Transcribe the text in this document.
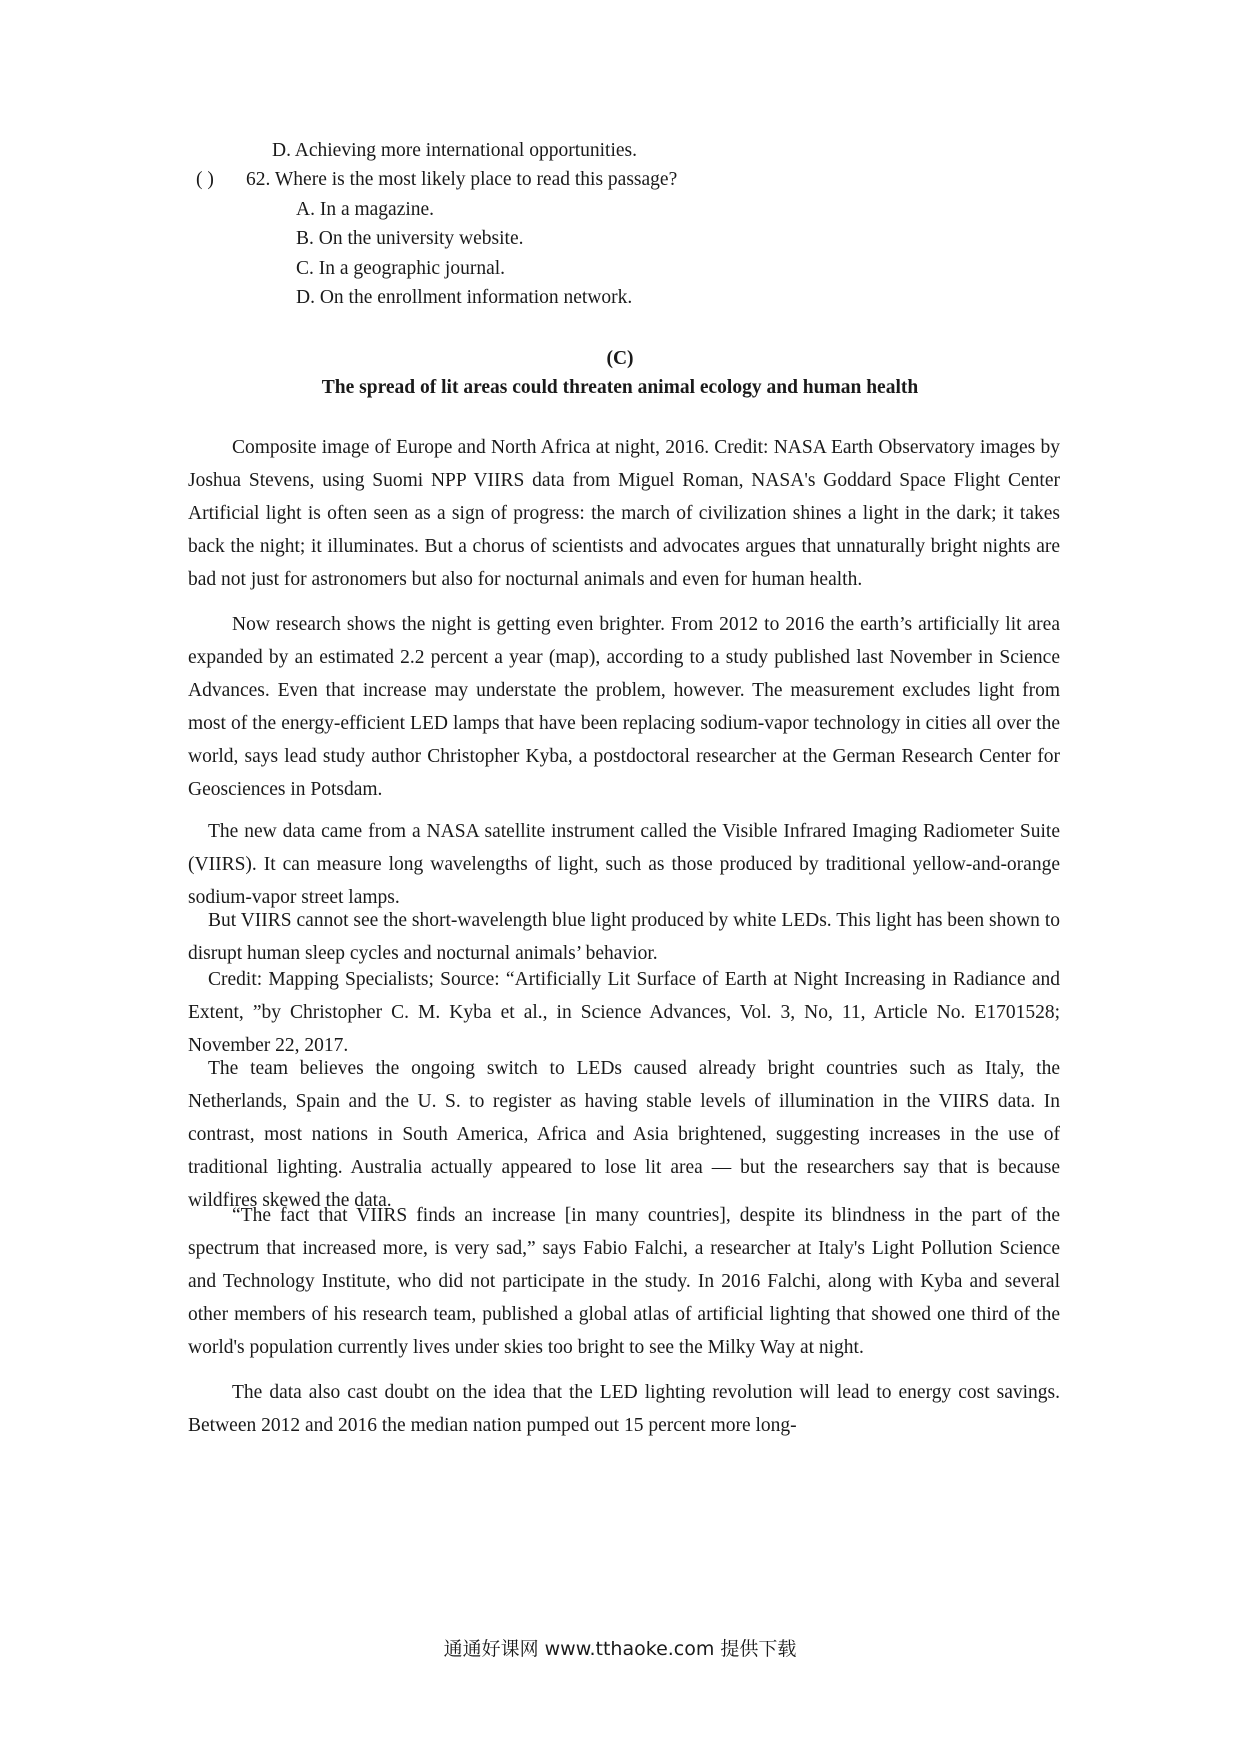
D. Achieving more international opportunities.
( ) 62. Where is the most likely place to read this passage?
A. In a magazine.
B. On the university website.
C. In a geographic journal.
D. On the enrollment information network.
(C)
The spread of lit areas could threaten animal ecology and human health
Composite image of Europe and North Africa at night, 2016. Credit: NASA Earth Observatory images by Joshua Stevens, using Suomi NPP VIIRS data from Miguel Roman, NASA's Goddard Space Flight Center Artificial light is often seen as a sign of progress: the march of civilization shines a light in the dark; it takes back the night; it illuminates. But a chorus of scientists and advocates argues that unnaturally bright nights are bad not just for astronomers but also for nocturnal animals and even for human health.
Now research shows the night is getting even brighter. From 2012 to 2016 the earth’s artificially lit area expanded by an estimated 2.2 percent a year (map), according to a study published last November in Science Advances. Even that increase may understate the problem, however. The measurement excludes light from most of the energy-efficient LED lamps that have been replacing sodium-vapor technology in cities all over the world, says lead study author Christopher Kyba, a postdoctoral researcher at the German Research Center for Geosciences in Potsdam.
The new data came from a NASA satellite instrument called the Visible Infrared Imaging Radiometer Suite (VIIRS). It can measure long wavelengths of light, such as those produced by traditional yellow-and-orange sodium-vapor street lamps.
But VIIRS cannot see the short-wavelength blue light produced by white LEDs. This light has been shown to disrupt human sleep cycles and nocturnal animals’ behavior.
Credit: Mapping Specialists; Source: “Artificially Lit Surface of Earth at Night Increasing in Radiance and Extent, ”by Christopher C. M. Kyba et al., in Science Advances, Vol. 3, No, 11, Article No. E1701528; November 22, 2017.
The team believes the ongoing switch to LEDs caused already bright countries such as Italy, the Netherlands, Spain and the U. S. to register as having stable levels of illumination in the VIIRS data. In contrast, most nations in South America, Africa and Asia brightened, suggesting increases in the use of traditional lighting. Australia actually appeared to lose lit area — but the researchers say that is because wildfires skewed the data.
“The fact that VIIRS finds an increase [in many countries], despite its blindness in the part of the spectrum that increased more, is very sad,” says Fabio Falchi, a researcher at Italy's Light Pollution Science and Technology Institute, who did not participate in the study. In 2016 Falchi, along with Kyba and several other members of his research team, published a global atlas of artificial lighting that showed one third of the world's population currently lives under skies too bright to see the Milky Way at night.
The data also cast doubt on the idea that the LED lighting revolution will lead to energy cost savings. Between 2012 and 2016 the median nation pumped out 15 percent more long-
通通好课网 www.tthaoke.com 提供下载
